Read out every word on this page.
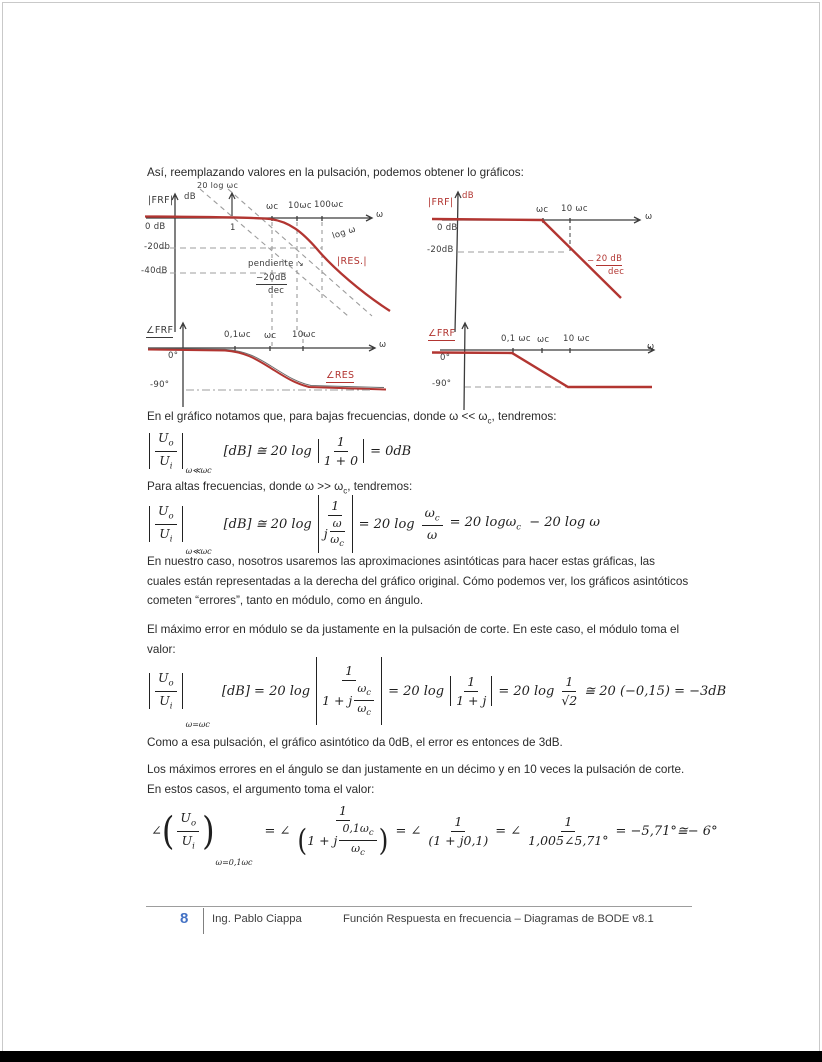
Así, reemplazando valores en la pulsación, podemos obtener lo gráficos:
|FRF| dB
20 log ωc
0 dB
-20db
-40dB
1
ωc 10ωc 100ωc
ω
log ω
pendiente ↘
−20dB
dec
|RES.|
∠FRF
0°
-90°
0,1ωc ωc 10ωc
ω
∠RES
|FRF|
dB
0 dB
-20dB
ωc 10 ωc
ω
− 20 dB
dec
∠FRF
0°
-90°
0,1 ωc ωc 10 ωc
ω
En el gráfico notamos que, para bajas frecuencias, donde $\omega << \omega_c$, tendremos:
$\frac{U_o}{U_i}$ ω≪ωc
[dB] ≅ 20 $\log \frac{1}{1 + 0} = 0dB$
Para altas frecuencias, donde $\omega >> \omega_c$, tendremos:
$\frac{U_o}{U_i}$
ω≪ωc
[dB] ≅ 20 $\log \frac{1}{j \frac{\omega}{\omega_c}} = 20$ $\log \frac{\omega_c}{\omega} = 20$ logω$_c$  − 20 log ω
En nuestro caso, nosotros usaremos las aproximaciones asintóticas para hacer estas gráficas, las cuales están representadas a la derecha del gráfico original. Cómo podemos ver, los gráficos asintóticos cometen “errores”, tanto en módulo, como en ángulo.
El máximo error en módulo se da justamente en la pulsación de corte. En este caso, el módulo toma el valor:
$\frac{U_o}{U_i}$
ω=ωc
[dB] = 20 $\log \frac{1}{1 + j \frac{\omega_c}{\omega_c}} = 20$ $\log \frac{1}{1 + j} = 20$ $\log \frac{1}{√2}$ ≅ 20 (−0,15) = −3dB
Como a esa pulsación, el gráfico asintótico da 0dB, el error es entonces de 3dB.
Los máximos errores en el ángulo se dan justamente en un décimo y en 10 veces la pulsación de corte. En estos casos, el argumento toma el valor:
∠ ( $\frac{U_o}{U_i}$ )
ω=0,1ωc
= ∠
1
( 1 + j $\frac{0,1\omega_c}{\omega_c}$ ) = ∠ $\frac{1}{(1 + j0,1)}$ = ∠ $\frac{1}{1,005\angle 5,71^\circ}$ = −5,71°≅− 6°
8 Ing. Pablo Ciappa	Función Respuesta en frecuencia – Diagramas de BODE v8.1
